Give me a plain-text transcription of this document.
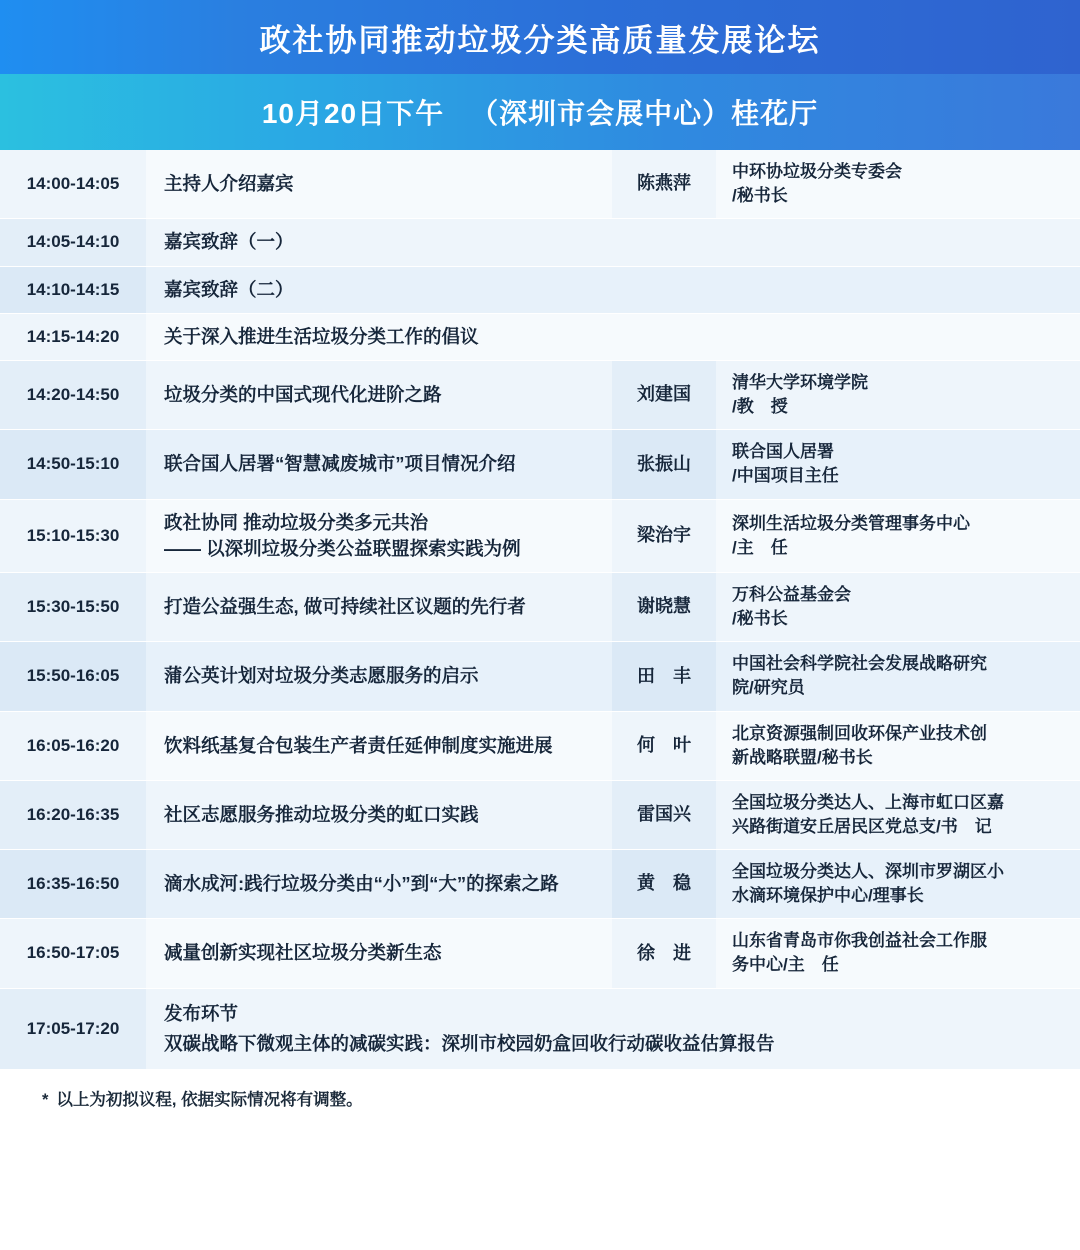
政社协同推动垃圾分类高质量发展论坛
10月20日下午 （深圳市会展中心）桂花厅
14:00-14:05	主持人介绍嘉宾	陈燕萍	中环协垃圾分类专委会
/秘书长

14:05-14:10	嘉宾致辞（一）		
14:10-14:15	嘉宾致辞（二）		
14:15-14:20	关于深入推进生活垃圾分类工作的倡议		
14:20-14:50	垃圾分类的中国式现代化进阶之路	刘建国	清华大学环境学院
/教　授

14:50-15:10	联合国人居署“智慧减废城市”项目情况介绍	张振山	联合国人居署
/中国项目主任

15:10-15:30	政社协同 推动垃圾分类多元共治
—— 以深圳垃圾分类公益联盟探索实践为例	梁治宇	深圳生活垃圾分类管理事务中心
/主　任

15:30-15:50	打造公益强生态, 做可持续社区议题的先行者	谢晓慧	万科公益基金会
/秘书长

15:50-16:05	蒲公英计划对垃圾分类志愿服务的启示	田　丰	中国社会科学院社会发展战略研究
院/研究员

16:05-16:20	饮料纸基复合包装生产者责任延伸制度实施进展	何　叶	北京资源强制回收环保产业技术创
新战略联盟/秘书长

16:20-16:35	社区志愿服务推动垃圾分类的虹口实践	雷国兴	全国垃圾分类达人、上海市虹口区嘉
兴路街道安丘居民区党总支/书　记

16:35-16:50	滴水成河:践行垃圾分类由“小”到“大”的探索之路	黄　稳	全国垃圾分类达人、深圳市罗湖区小
水滴环境保护中心/理事长

16:50-17:05	减量创新实现社区垃圾分类新生态	徐　进	山东省青岛市你我创益社会工作服
务中心/主　任

17:05-17:20	发布环节
双碳战略下微观主体的减碳实践：深圳市校园奶盒回收行动碳收益估算报告		
* 以上为初拟议程, 依据实际情况将有调整。
